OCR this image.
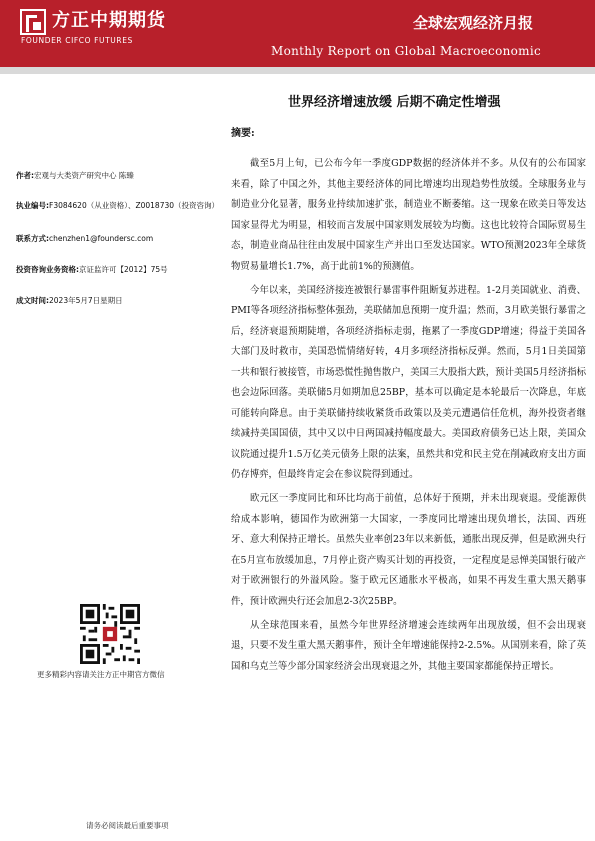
方正中期期货
FOUNDER CIFCO FUTURES
全球宏观经济月报
Monthly Report on Global Macroeconomic
世界经济增速放缓 后期不确定性增强
摘要:
作者:宏观与大类资产研究中心 陈臻
执业编号:F3084620（从业资格）、Z0018730（投资咨询）
联系方式:chenzhen1@foundersc.com
投资咨询业务资格:京证监许可【2012】75号
成文时间:2023年5月7日星期日
更多精彩内容请关注方正中期官方微信

截至5月上旬，已公布今年一季度GDP数据的经济体并不多。从仅有的公布国家来看，除了中国之外，其他主要经济体的同比增速均出现趋势性放缓。全球服务业与制造业分化显著，服务业持续加速扩张，制造业不断萎缩。这一现象在欧美日等发达国家显得尤为明显，相较而言发展中国家则发展较为均衡。这也比较符合国际贸易生态，制造业商品往往由发展中国家生产并出口至发达国家。WTO预测2023年全球货物贸易量增长1.7%，高于此前1%的预测值。

今年以来，美国经济接连被银行暴雷事件阻断复苏进程。1-2月美国就业、消费、PMI等各项经济指标整体强劲，美联储加息预期一度升温；然而，3月欧美银行暴雷之后，经济衰退预期陡增，各项经济指标走弱，拖累了一季度GDP增速；得益于美国各大部门及时救市，美国恐慌情绪好转，4月多项经济指标反弹。然而，5月1日美国第一共和银行被接管，市场恐慌性抛售散户，美国三大股指大跌，预计美国5月经济指标也会边际回落。美联储5月如期加息25BP，基本可以确定是本轮最后一次降息，年底可能转向降息。由于美联储持续收紧货币政策以及美元遭遇信任危机，海外投资者继续减持美国国债，其中又以中日两国减持幅度最大。美国政府债务已达上限，美国众议院通过提升1.5万亿美元债务上限的法案，虽然共和党和民主党在削减政府支出方面仍存博弈，但最终肯定会在参议院得到通过。

欧元区一季度同比和环比均高于前值，总体好于预期，并未出现衰退。受能源供给成本影响，德国作为欧洲第一大国家，一季度同比增速出现负增长，法国、西班牙、意大利保持正增长。虽然失业率创23年以来新低，通胀出现反弹，但是欧洲央行在5月宣布放缓加息，7月停止资产购买计划的再投资，一定程度是忌惮美国银行破产对于欧洲银行的外溢风险。鉴于欧元区通胀水平极高，如果不再发生重大黑天鹅事件，预计欧洲央行还会加息2-3次25BP。

从全球范围来看，虽然今年世界经济增速会连续两年出现放缓，但不会出现衰退，只要不发生重大黑天鹅事件，预计全年增速能保持2-2.5%。从国别来看，除了英国和乌克兰等少部分国家经济会出现衰退之外，其他主要国家都能保持正增长。

请务必阅读最后重要事项
